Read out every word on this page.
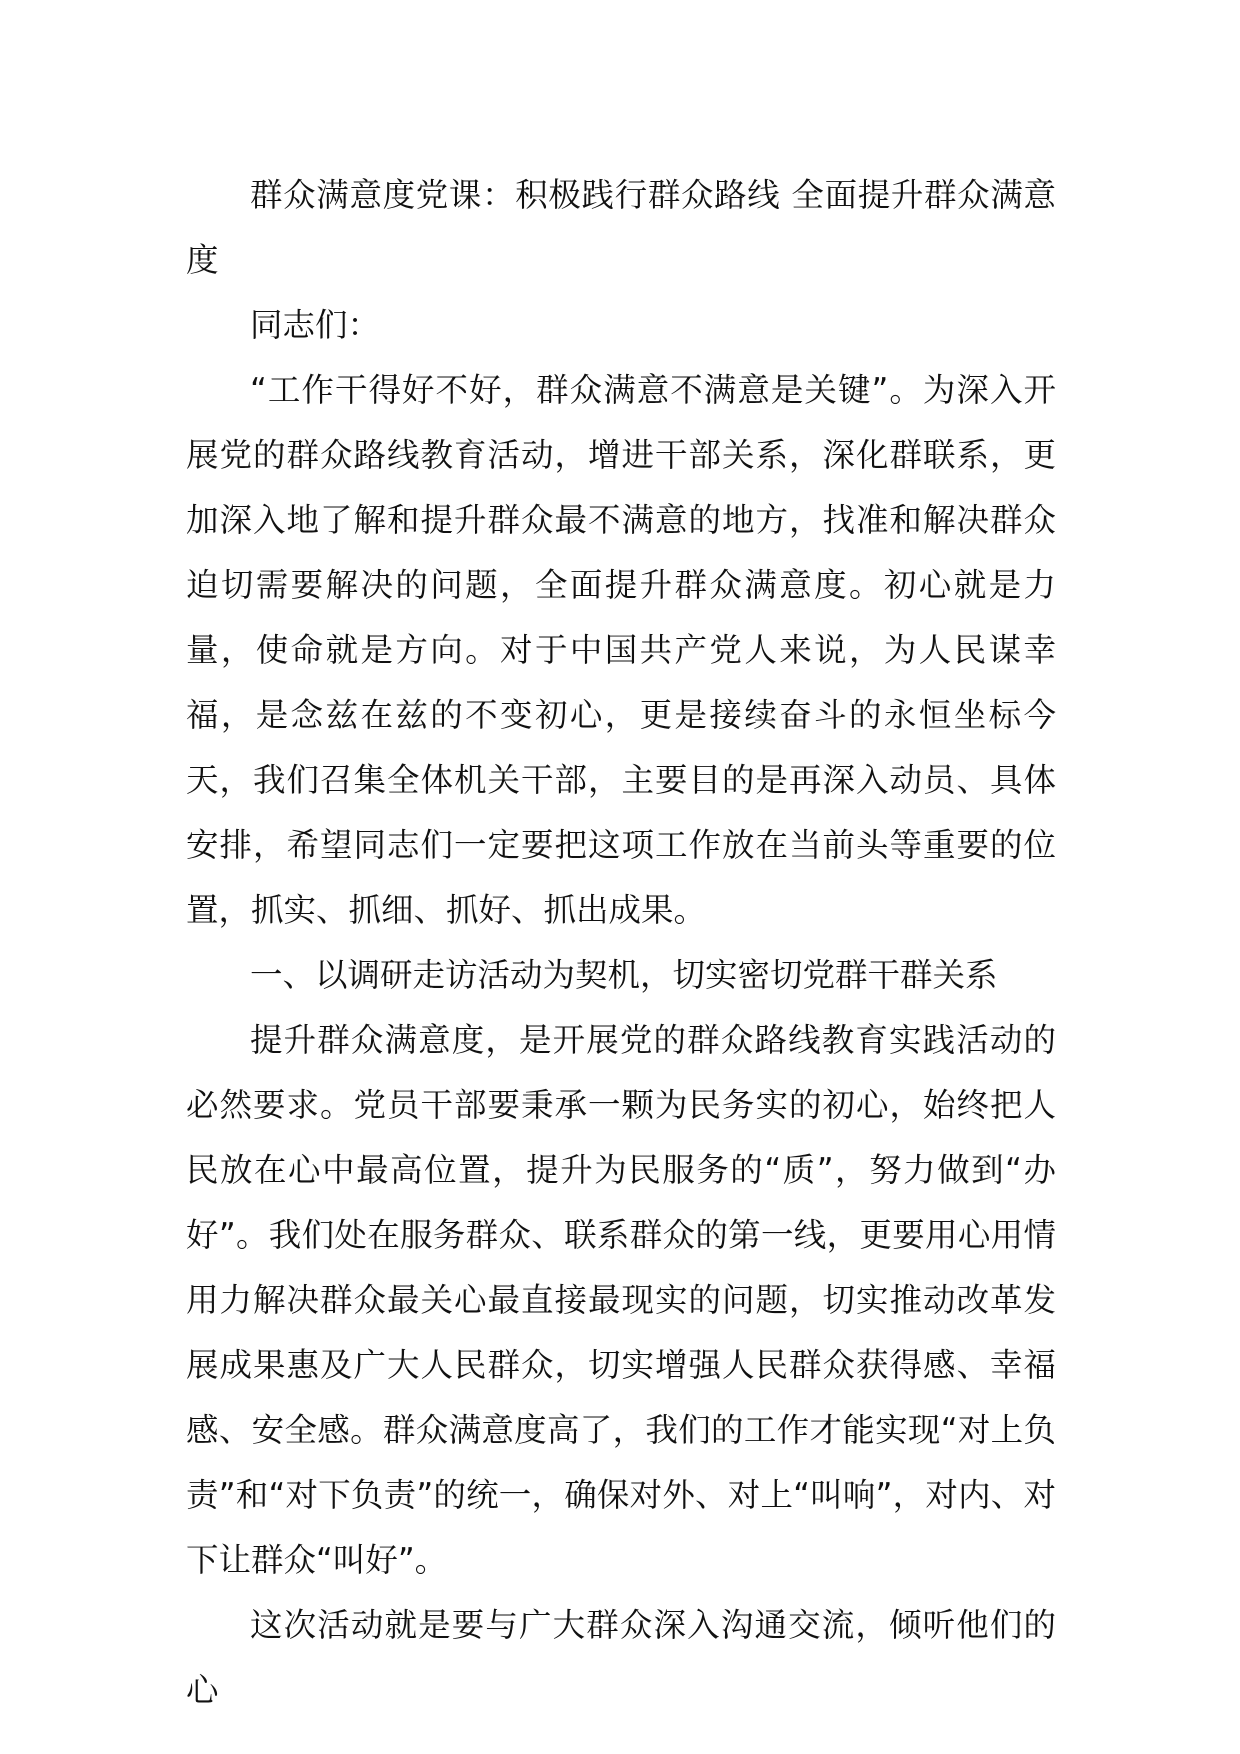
群众满意度党课：积极践行群众路线 全面提升群众满意度

同志们：

“工作干得好不好，群众满意不满意是关键”。为深入开展党的群众路线教育活动，增进干部关系，深化群联系，更加深入地了解和提升群众最不满意的地方，找准和解决群众迫切需要解决的问题，全面提升群众满意度。初心就是力量，使命就是方向。对于中国共产党人来说，为人民谋幸福，是念兹在兹的不变初心，更是接续奋斗的永恒坐标今天，我们召集全体机关干部，主要目的是再深入动员、具体安排，希望同志们一定要把这项工作放在当前头等重要的位置，抓实、抓细、抓好、抓出成果。

一、以调研走访活动为契机，切实密切党群干群关系

提升群众满意度，是开展党的群众路线教育实践活动的必然要求。党员干部要秉承一颗为民务实的初心，始终把人民放在心中最高位置，提升为民服务的“质”，努力做到“办好”。我们处在服务群众、联系群众的第一线，更要用心用情用力解决群众最关心最直接最现实的问题，切实推动改革发展成果惠及广大人民群众，切实增强人民群众获得感、幸福感、安全感。群众满意度高了，我们的工作才能实现“对上负责”和“对下负责”的统一，确保对外、对上“叫响”，对内、对下让群众“叫好”。

这次活动就是要与广大群众深入沟通交流，倾听他们的心
